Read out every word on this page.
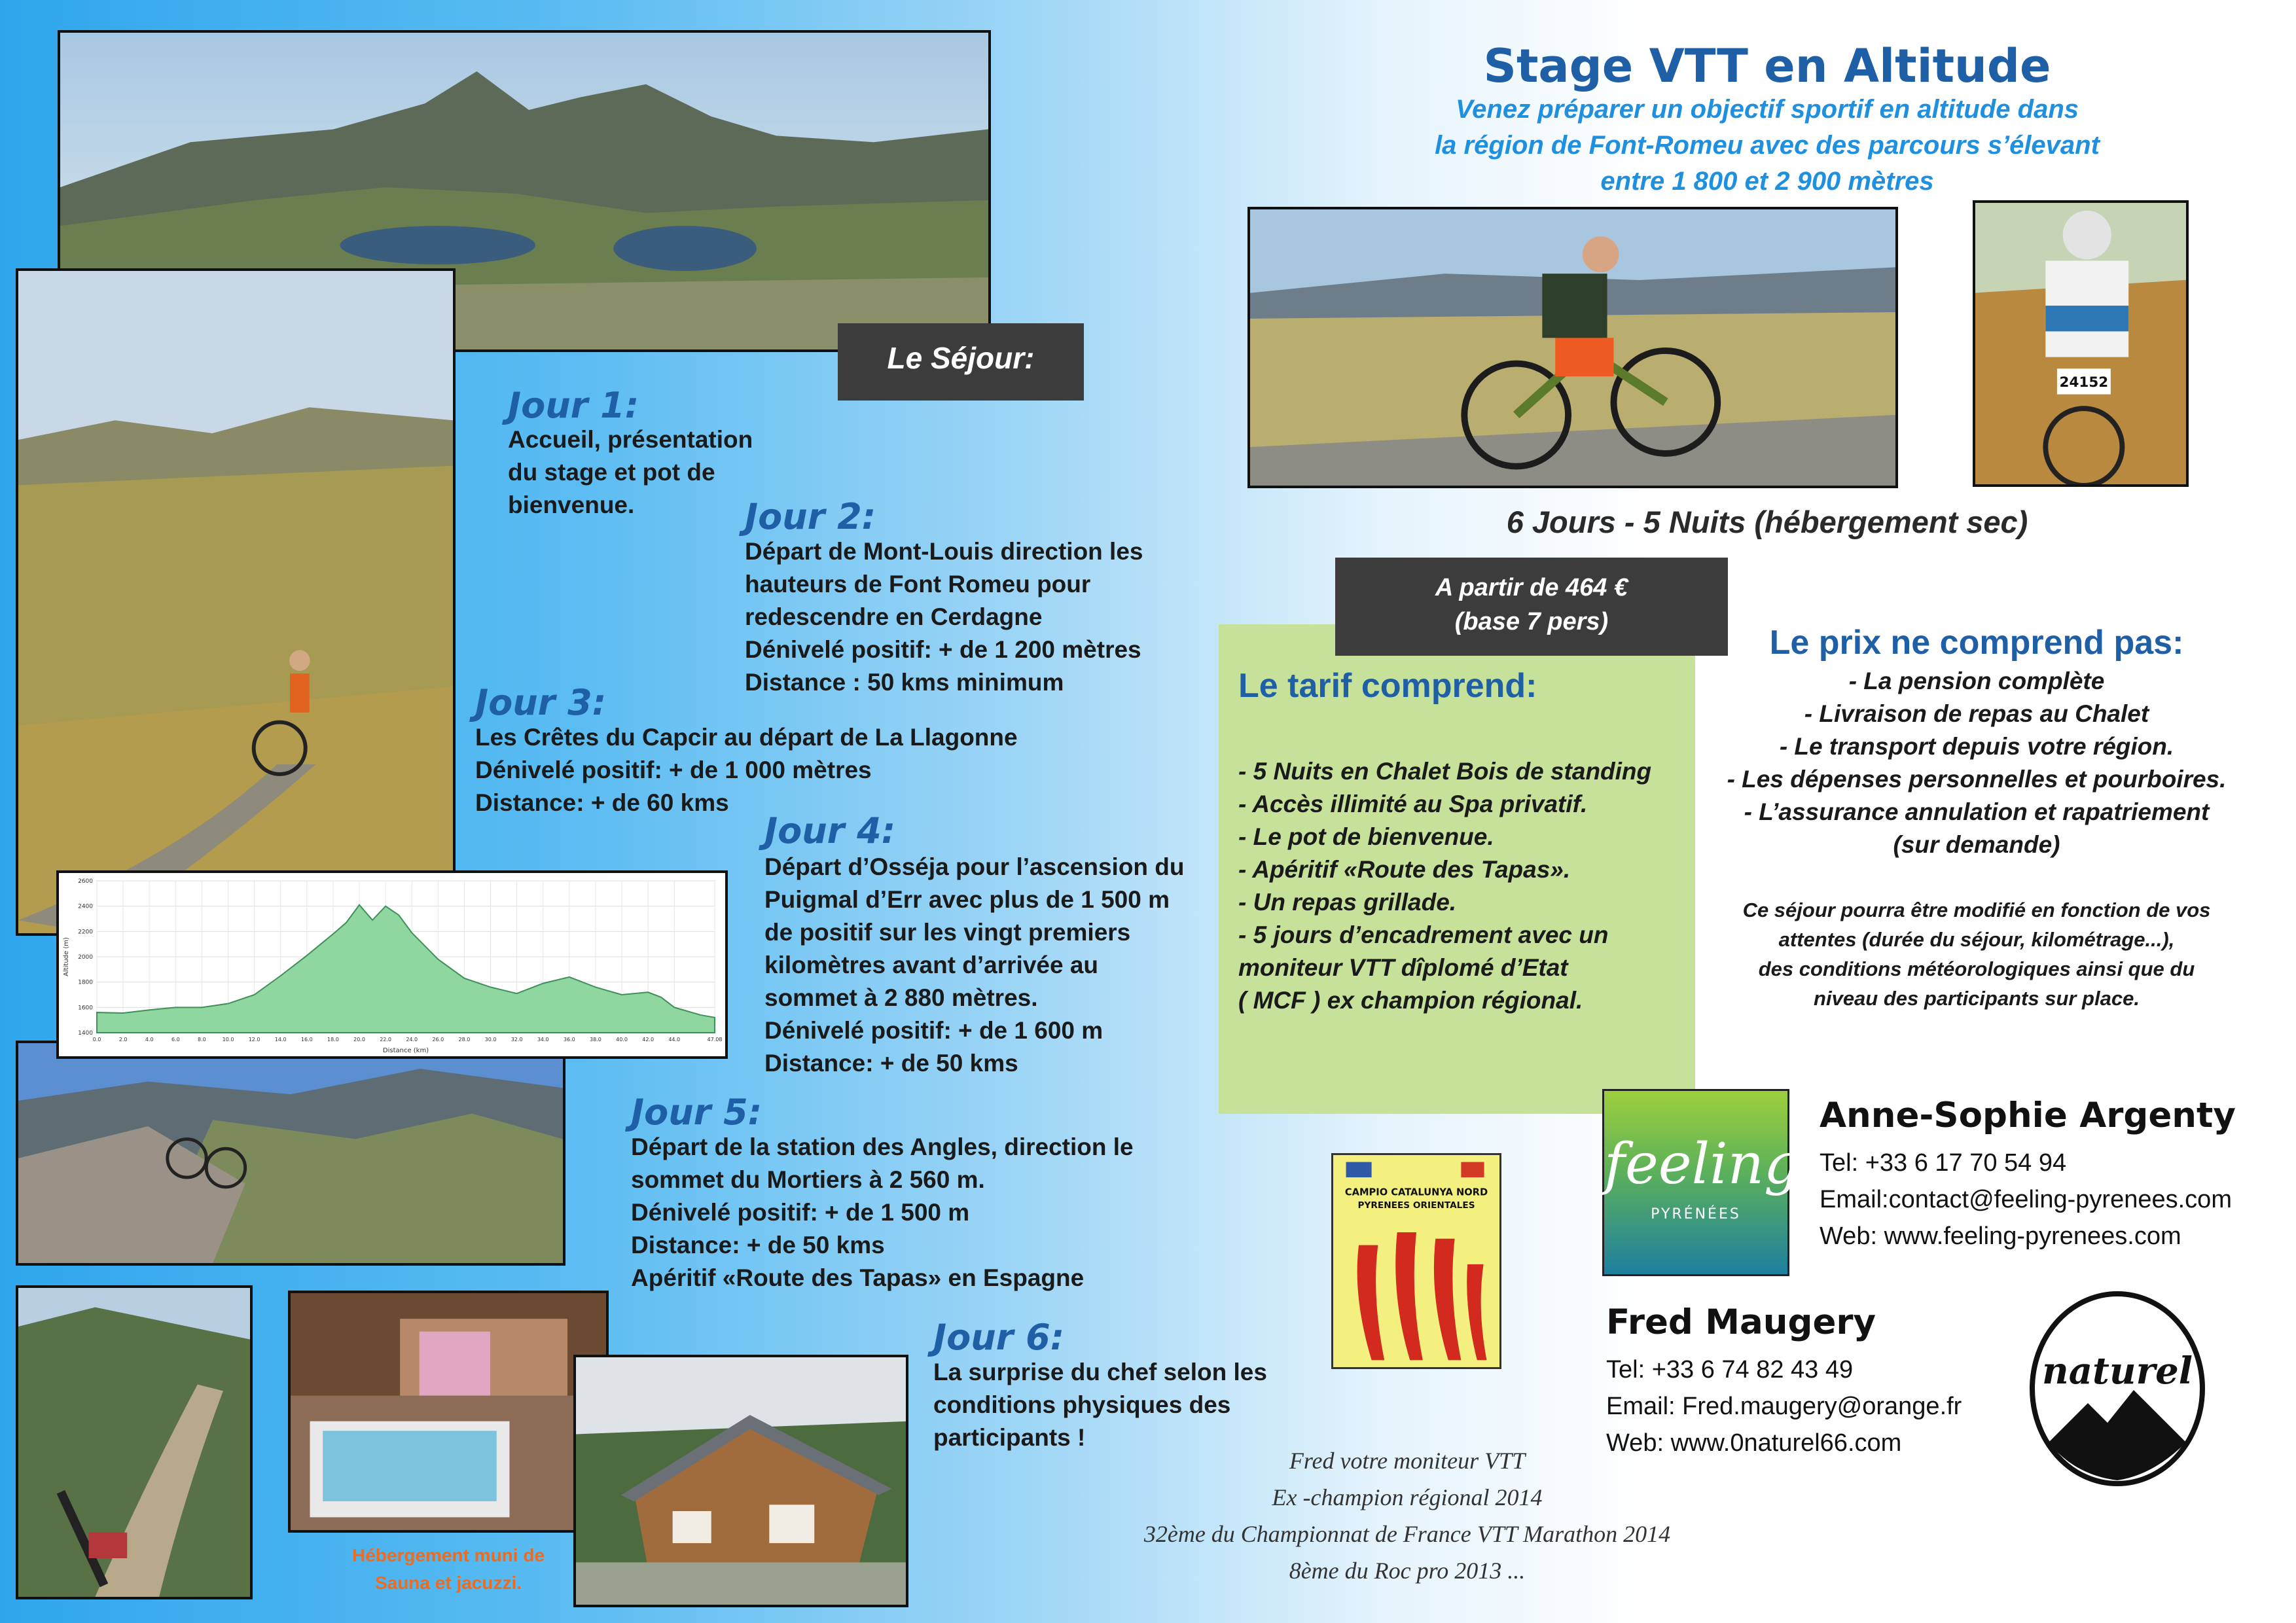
Hébergement muni de
Sauna et jacuzzi.
0.0	2.0	4.0	6.0	8.0	10.0	12.0	14.0	16.0	18.0	20.0	22.0	24.0	26.0	28.0	30.0	32.0	34.0	36.0	38.0	40.0	42.0	44.0	47.08
1400
1600
1800
2000
2200
2400
2600
Distance (km)
Altitude (m)
Le Séjour:
Jour 1:
Accueil, présentation
du stage et pot de
bienvenue.	Jour 2:
Départ de Mont-Louis direction les
hauteurs de Font Romeu pour
redescendre en Cerdagne
Dénivelé positif: + de 1 200 mètres
Distance : 50 kms minimum
Jour 3:
Les Crêtes du Capcir au départ de La Llagonne
Dénivelé positif: + de 1 000 mètres
Distance: + de 60 kms
Jour 4:
Départ d’Osséja pour l’ascension du
Puigmal d’Err avec plus de 1 500 m
de positif sur les vingt premiers
kilomètres avant d’arrivée au
sommet à 2 880 mètres.
Dénivelé positif: + de 1 600 m
Distance: + de 50 kms
Jour 5:
Départ de la station des Angles, direction le
sommet du Mortiers à 2 560 m.
Dénivelé positif: + de 1 500 m
Distance: + de 50 kms
Apéritif «Route des Tapas» en Espagne
Jour 6:
La surprise du chef selon les
conditions physiques des
participants !
Stage VTT en Altitude
Venez préparer un objectif sportif en altitude dans
la région de Font-Romeu avec des parcours s’élevant
entre 1 800 et 2 900 mètres
24152
6 Jours - 5 Nuits (hébergement sec)
A partir de 464 €
(base 7 pers)
Le tarif comprend:
- 5 Nuits en Chalet Bois de standing
- Accès illimité au Spa privatif.
- Le pot de bienvenue.
- Apéritif «Route des Tapas».
- Un repas grillade.
- 5 jours d’encadrement avec un
moniteur VTT dîplomé d’Etat
( MCF ) ex champion régional.
Le prix ne comprend pas:
- La pension complète
- Livraison de repas au Chalet
- Le transport depuis votre région.
- Les dépenses personnelles et pourboires.
- L’assurance annulation et rapatriement
(sur demande)
Ce séjour pourra être modifié en fonction de vos
attentes (durée du séjour, kilométrage...),
des conditions météorologiques ainsi que du
niveau des participants sur place.
CAMPIO CATALUNYA NORD
PYRENEES ORIENTALES
feeling
PYRÉNÉES
Anne-Sophie Argenty
Tel: +33 6 17 70 54 94
Email:contact@feeling-pyrenees.com
Web: www.feeling-pyrenees.com
Fred Maugery
Tel: +33 6 74 82 43 49
Email: Fred.maugery@orange.fr
Web: www.0naturel66.com
naturel
Fred votre moniteur VTT
Ex -champion régional 2014
32ème du Championnat de France VTT Marathon 2014
8ème du Roc pro 2013 ...
